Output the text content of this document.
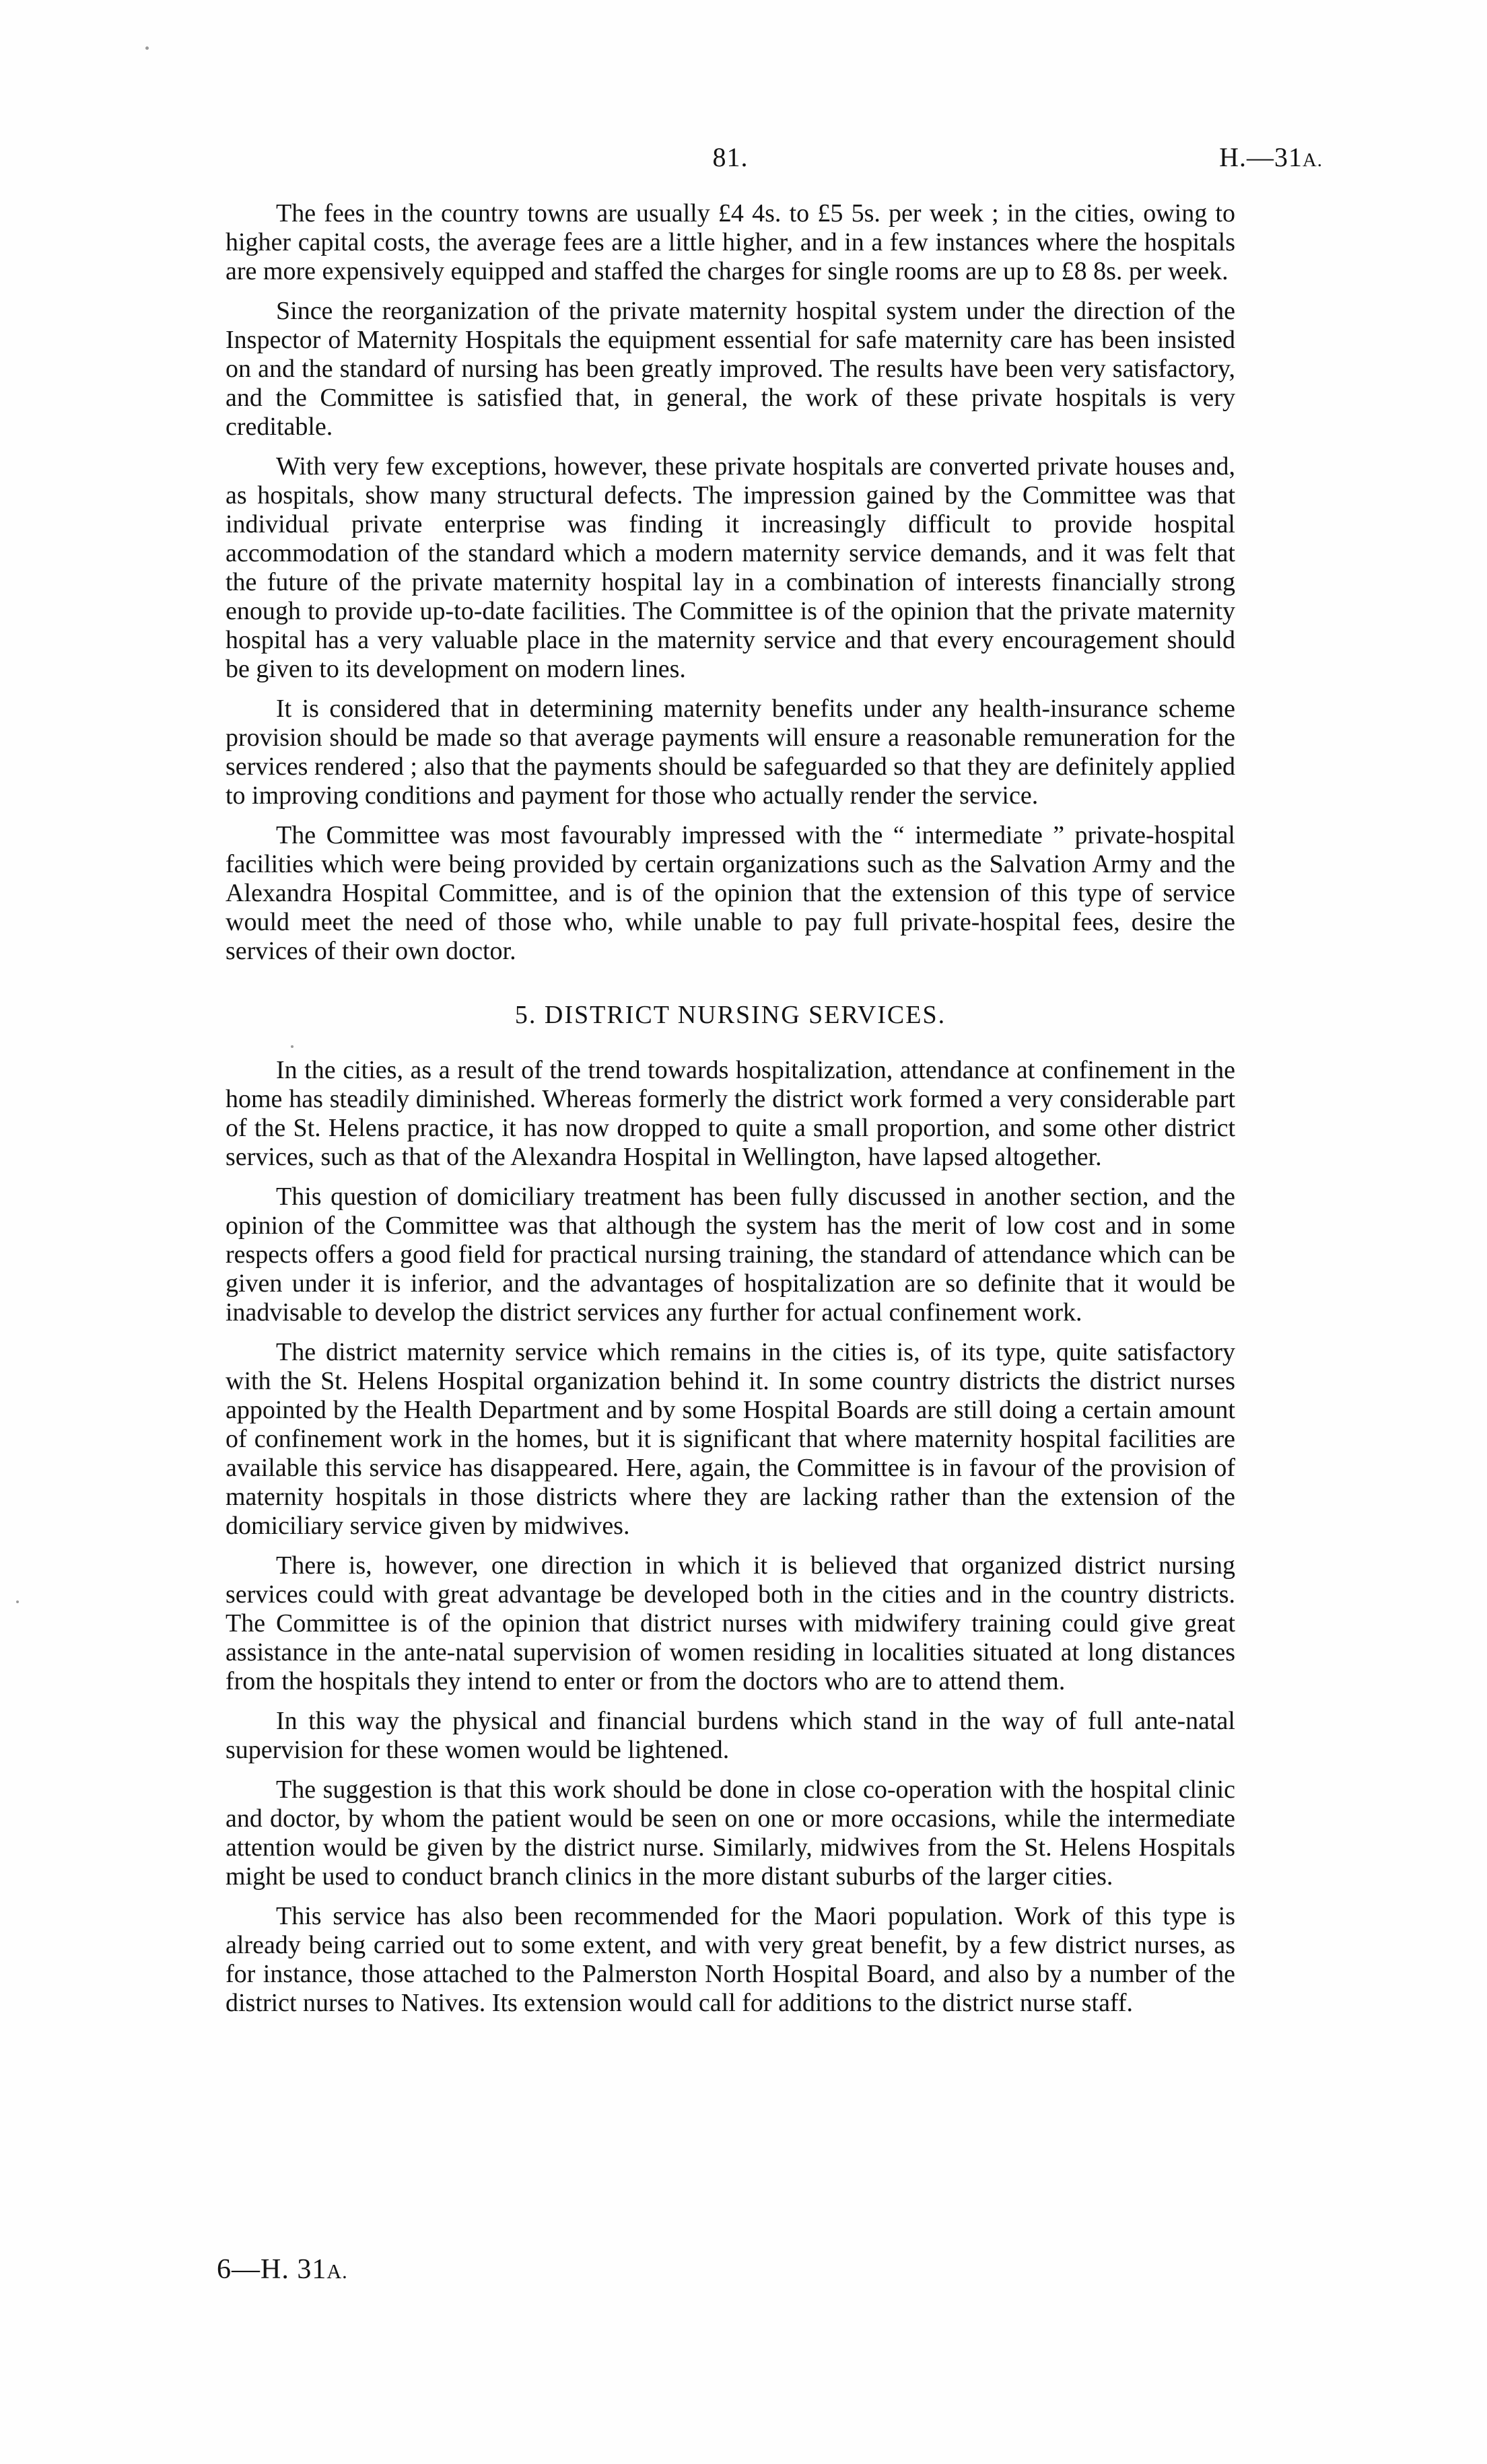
81.	H.—31A.

The fees in the country towns are usually £4 4s. to £5 5s. per week ; in the cities, owing to higher capital costs, the average fees are a little higher, and in a few instances where the hospitals are more expensively equipped and staffed the charges for single rooms are up to £8 8s. per week.

Since the reorganization of the private maternity hospital system under the direction of the Inspector of Maternity Hospitals the equipment essential for safe maternity care has been insisted on and the standard of nursing has been greatly improved. The results have been very satisfactory, and the Committee is satisfied that, in general, the work of these private hospitals is very creditable.

With very few exceptions, however, these private hospitals are converted private houses and, as hospitals, show many structural defects. The impression gained by the Committee was that individual private enterprise was finding it increasingly difficult to provide hospital accommodation of the standard which a modern maternity service demands, and it was felt that the future of the private maternity hospital lay in a combination of interests financially strong enough to provide up-to-date facilities. The Committee is of the opinion that the private maternity hospital has a very valuable place in the maternity service and that every encouragement should be given to its development on modern lines.

It is considered that in determining maternity benefits under any health-insurance scheme provision should be made so that average payments will ensure a reasonable remuneration for the services rendered ; also that the payments should be safeguarded so that they are definitely applied to improving conditions and payment for those who actually render the service.

The Committee was most favourably impressed with the “ intermediate ” private-hospital facilities which were being provided by certain organizations such as the Salvation Army and the Alexandra Hospital Committee, and is of the opinion that the extension of this type of service would meet the need of those who, while unable to pay full private-hospital fees, desire the services of their own doctor.

5. DISTRICT NURSING SERVICES.

In the cities, as a result of the trend towards hospitalization, attendance at confinement in the home has steadily diminished. Whereas formerly the district work formed a very considerable part of the St. Helens practice, it has now dropped to quite a small proportion, and some other district services, such as that of the Alexandra Hospital in Wellington, have lapsed altogether.

This question of domiciliary treatment has been fully discussed in another section, and the opinion of the Committee was that although the system has the merit of low cost and in some respects offers a good field for practical nursing training, the standard of attendance which can be given under it is inferior, and the advantages of hospitalization are so definite that it would be inadvisable to develop the district services any further for actual confinement work.

The district maternity service which remains in the cities is, of its type, quite satisfactory with the St. Helens Hospital organization behind it. In some country districts the district nurses appointed by the Health Department and by some Hospital Boards are still doing a certain amount of confinement work in the homes, but it is significant that where maternity hospital facilities are available this service has disappeared. Here, again, the Committee is in favour of the provision of maternity hospitals in those districts where they are lacking rather than the extension of the domiciliary service given by midwives.

There is, however, one direction in which it is believed that organized district nursing services could with great advantage be developed both in the cities and in the country districts. The Committee is of the opinion that district nurses with midwifery training could give great assistance in the ante-natal supervision of women residing in localities situated at long distances from the hospitals they intend to enter or from the doctors who are to attend them.

In this way the physical and financial burdens which stand in the way of full ante-natal supervision for these women would be lightened.

The suggestion is that this work should be done in close co-operation with the hospital clinic and doctor, by whom the patient would be seen on one or more occasions, while the intermediate attention would be given by the district nurse. Similarly, midwives from the St. Helens Hospitals might be used to conduct branch clinics in the more distant suburbs of the larger cities.

This service has also been recommended for the Maori population. Work of this type is already being carried out to some extent, and with very great benefit, by a few district nurses, as for instance, those attached to the Palmerston North Hospital Board, and also by a number of the district nurses to Natives. Its extension would call for additions to the district nurse staff.

6—H. 31A.
